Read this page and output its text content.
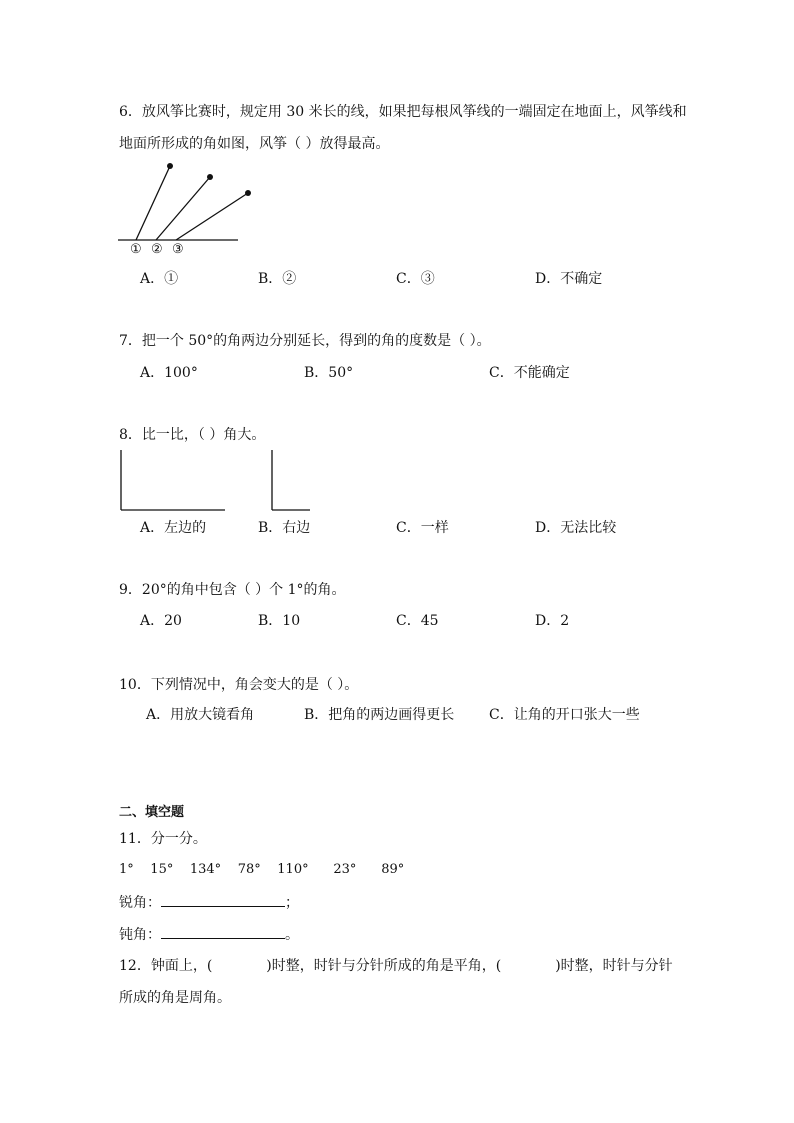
6．放风筝比赛时，规定用 30 米长的线，如果把每根风筝线的一端固定在地面上，风筝线和
地面所形成的角如图，风筝（ ）放得最高。
① ② ③
A．①	B．②	C．③	D．不确定
7．把一个 50°的角两边分别延长，得到的角的度数是（ ）。
A．100°	B．50°	C．不能确定
8．比一比，（ ）角大。
A．左边的	B．右边	C．一样	D．无法比较
9．20°的角中包含（ ）个 1°的角。
A．20	B．10	C．45	D．2
10．下列情况中，角会变大的是（ ）。
A．用放大镜看角	B．把角的两边画得更长 C．让角的开口张大一些
二、填空题
11．分一分。
1°    15°    134°    78°    110°      23°      89°
锐角：	；
钝角：	。
12．钟面上，(	)时整，时针与分针所成的角是平角，(	)时整，时针与分针
所成的角是周角。
